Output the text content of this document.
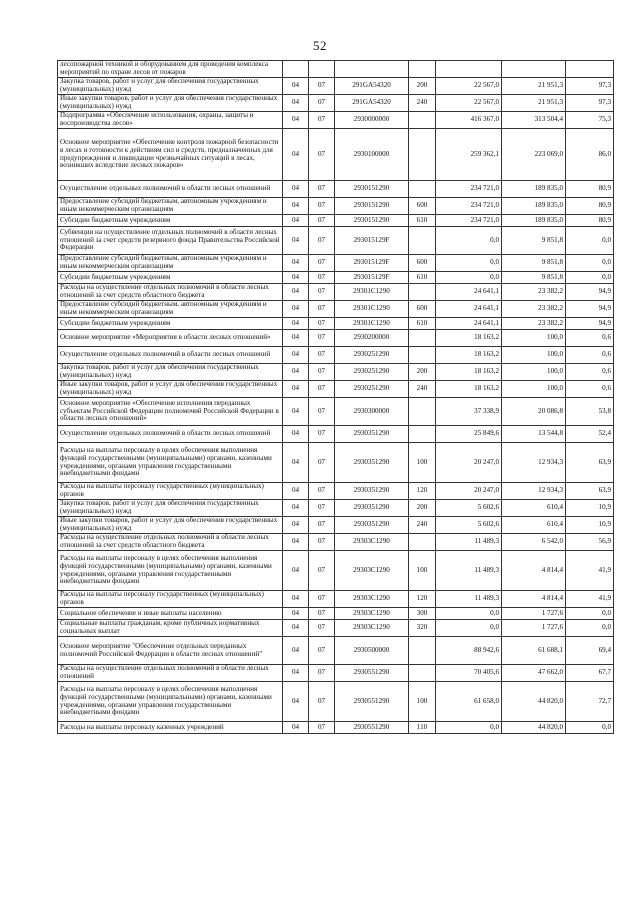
52
лесопожарной техникой и оборудованием для проведения комплекса мероприятий по охране лесов от пожаров							
Закупка товаров, работ и услуг для обеспечения государственных (муниципальных) нужд	04	07	291GA54320	200	22 567,0	21 951,3	97,3
Иные закупки товаров, работ и услуг для обеспечения государственных (муниципальных) нужд	04	07	291GA54320	240	22 567,0	21 951,3	97,3
Подпрограмма «Обеспечение использования, охраны, защиты и воспроизводства лесов»	04	07	2930000000		416 367,0	313 504,4	75,3
Основное мероприятие «Обеспечение контроля пожарной безопасности в лесах и готовности к действиям сил и средств, предназначенных для предупреждения и ликвидации чрезвычайных ситуаций в лесах, возникших вследствие лесных пожаров»	04	07	2930100000		259 362,1	223 069,0	86,0
Осуществление отдельных полномочий в области лесных отношений	04	07	2930151290		234 721,0	189 835,0	80,9
Предоставление субсидий бюджетным, автономным учреждениям и иным некоммерческим организациям	04	07	2930151290	600	234 721,0	189 835,0	80,9
Субсидии бюджетным учреждениям	04	07	2930151290	610	234 721,0	189 835,0	80,9
Субвенции на осуществление отдельных полномочий в области лесных отношений за счет средств резервного фонда Правительства Российской Федерации	04	07	293015129F		0,0	9 851,8	0,0
Предоставление субсидий бюджетным, автономным учреждениям и иным некоммерческим организациям	04	07	293015129F	600	0,0	9 851,8	0,0
Субсидии бюджетным учреждениям	04	07	293015129F	610	0,0	9 851,8	0,0
Расходы на осуществление отдельных полномочий в области лесных отношений за счет средств областного бюджета	04	07	29301С1290		24 641,1	23 382,2	94,9
Предоставление субсидий бюджетным, автономным учреждениям и иным некоммерческим организациям	04	07	29301С1290	600	24 641,1	23 382,2	94,9
Субсидии бюджетным учреждениям	04	07	29301С1290	610	24 641,1	23 382,2	94,9
Основное мероприятие «Мероприятия в области лесных отношений»	04	07	2930200000		18 163,2	100,0	0,6
Осуществление отдельных полномочий в области лесных отношений	04	07	2930251290		18 163,2	100,0	0,6
Закупка товаров, работ и услуг для обеспечения государственных (муниципальных) нужд	04	07	2930251290	200	18 163,2	100,0	0,6
Иные закупки товаров, работ и услуг для обеспечения государственных (муниципальных) нужд	04	07	2930251290	240	18 163,2	100,0	0,6
Основное мероприятие «Обеспечение исполнения переданных субъектам Российской Федерации полномочий Российской Федерации в области лесных отношений»	04	07	2930300000		37 338,9	20 086,8	53,8
Осуществление отдельных полномочий в области лесных отношений	04	07	2930351290		25 849,6	13 544,8	52,4
Расходы на выплаты персоналу в целях обеспечения выполнения функций государственными (муниципальными) органами, казенными учреждениями, органами управления государственными внебюджетными фондами	04	07	2930351290	100	20 247,0	12 934,3	63,9
Расходы на выплаты персоналу государственных (муниципальных) органов	04	07	2930351290	120	20 247,0	12 934,3	63,9
Закупка товаров, работ и услуг для обеспечения государственных (муниципальных) нужд	04	07	2930351290	200	5 602,6	610,4	10,9
Иные закупки товаров, работ и услуг для обеспечения государственных (муниципальных) нужд	04	07	2930351290	240	5 602,6	610,4	10,9
Расходы на осуществление отдельных полномочий в области лесных отношений за счет средств областного бюджета	04	07	29303С1290		11 489,3	6 542,0	56,9
Расходы на выплаты персоналу в целях обеспечения выполнения функций государственными (муниципальными) органами, казенными учреждениями, органами управления государственными внебюджетными фондами	04	07	29303С1290	100	11 489,3	4 814,4	41,9
Расходы на выплаты персоналу государственных (муниципальных) органов	04	07	29303С1290	120	11 489,3	4 814,4	41,9
Социальное обеспечение и иные выплаты населению	04	07	29303С1290	300	0,0	1 727,6	0,0
Социальные выплаты гражданам, кроме публичных нормативных социальных выплат	04	07	29303С1290	320	0,0	1 727,6	0,0
Основное мероприятие "Обеспечение отдельных переданных полномочий Российской Федерации в области лесных отношений"	04	07	2930500000		88 942,6	61 688,1	69,4
Расходы на осуществление отдельных полномочий в области лесных отношений	04	07	2930551290		70 405,6	47 662,0	67,7
Расходы на выплаты персоналу в целях обеспечения выполнения функций государственными (муниципальными) органами, казенными учреждениями, органами управления государственными внебюджетными фондами	04	07	2930551290	100	61 658,0	44 820,0	72,7
Расходы на выплаты персоналу казенных учреждений	04	07	2930551290	110	0,0	44 820,0	0,0
